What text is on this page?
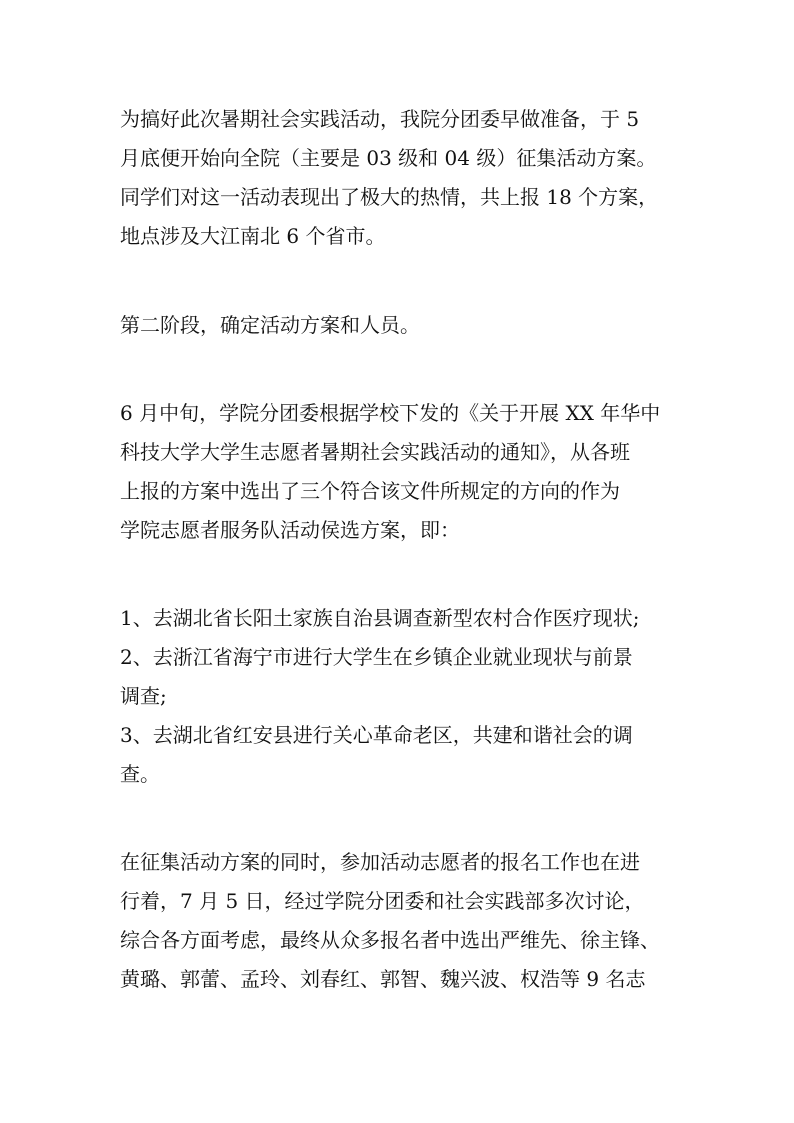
为搞好此次暑期社会实践活动，我院分团委早做准备，于 5
月底便开始向全院（主要是 03 级和 04 级）征集活动方案。
同学们对这一活动表现出了极大的热情，共上报 18 个方案，
地点涉及大江南北 6 个省市。
第二阶段，确定活动方案和人员。
6 月中旬，学院分团委根据学校下发的《关于开展 XX 年华中
科技大学大学生志愿者暑期社会实践活动的通知》，从各班
上报的方案中选出了三个符合该文件所规定的方向的作为
学院志愿者服务队活动侯选方案，即：
1、去湖北省长阳土家族自治县调查新型农村合作医疗现状;
2、去浙江省海宁市进行大学生在乡镇企业就业现状与前景
调查;
3、去湖北省红安县进行关心革命老区，共建和谐社会的调
查。
在征集活动方案的同时，参加活动志愿者的报名工作也在进
行着，7 月 5 日，经过学院分团委和社会实践部多次讨论，
综合各方面考虑，最终从众多报名者中选出严维先、徐主锋、
黄璐、郭蕾、孟玲、刘春红、郭智、魏兴波、权浩等 9 名志
